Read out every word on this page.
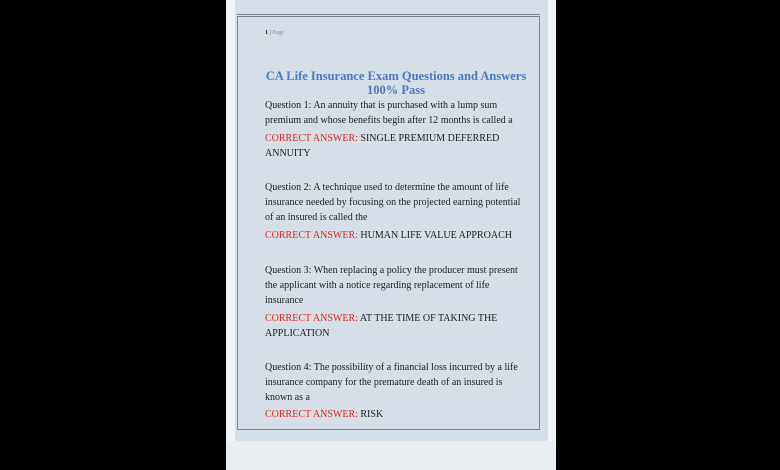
1 | Page
CA Life Insurance Exam Questions and Answers
100% Pass
Question 1: An annuity that is purchased with a lump sum
premium and whose benefits begin after 12 months is called a
CORRECT ANSWER: SINGLE PREMIUM DEFERRED
ANNUITY
Question 2: A technique used to determine the amount of life
insurance needed by focusing on the projected earning potential
of an insured is called the
CORRECT ANSWER: HUMAN LIFE VALUE APPROACH
Question 3: When replacing a policy the producer must present
the applicant with a notice regarding replacement of life
insurance
CORRECT ANSWER: AT THE TIME OF TAKING THE
APPLICATION
Question 4: The possibility of a financial loss incurred by a life
insurance company for the premature death of an insured is
known as a
CORRECT ANSWER: RISK
